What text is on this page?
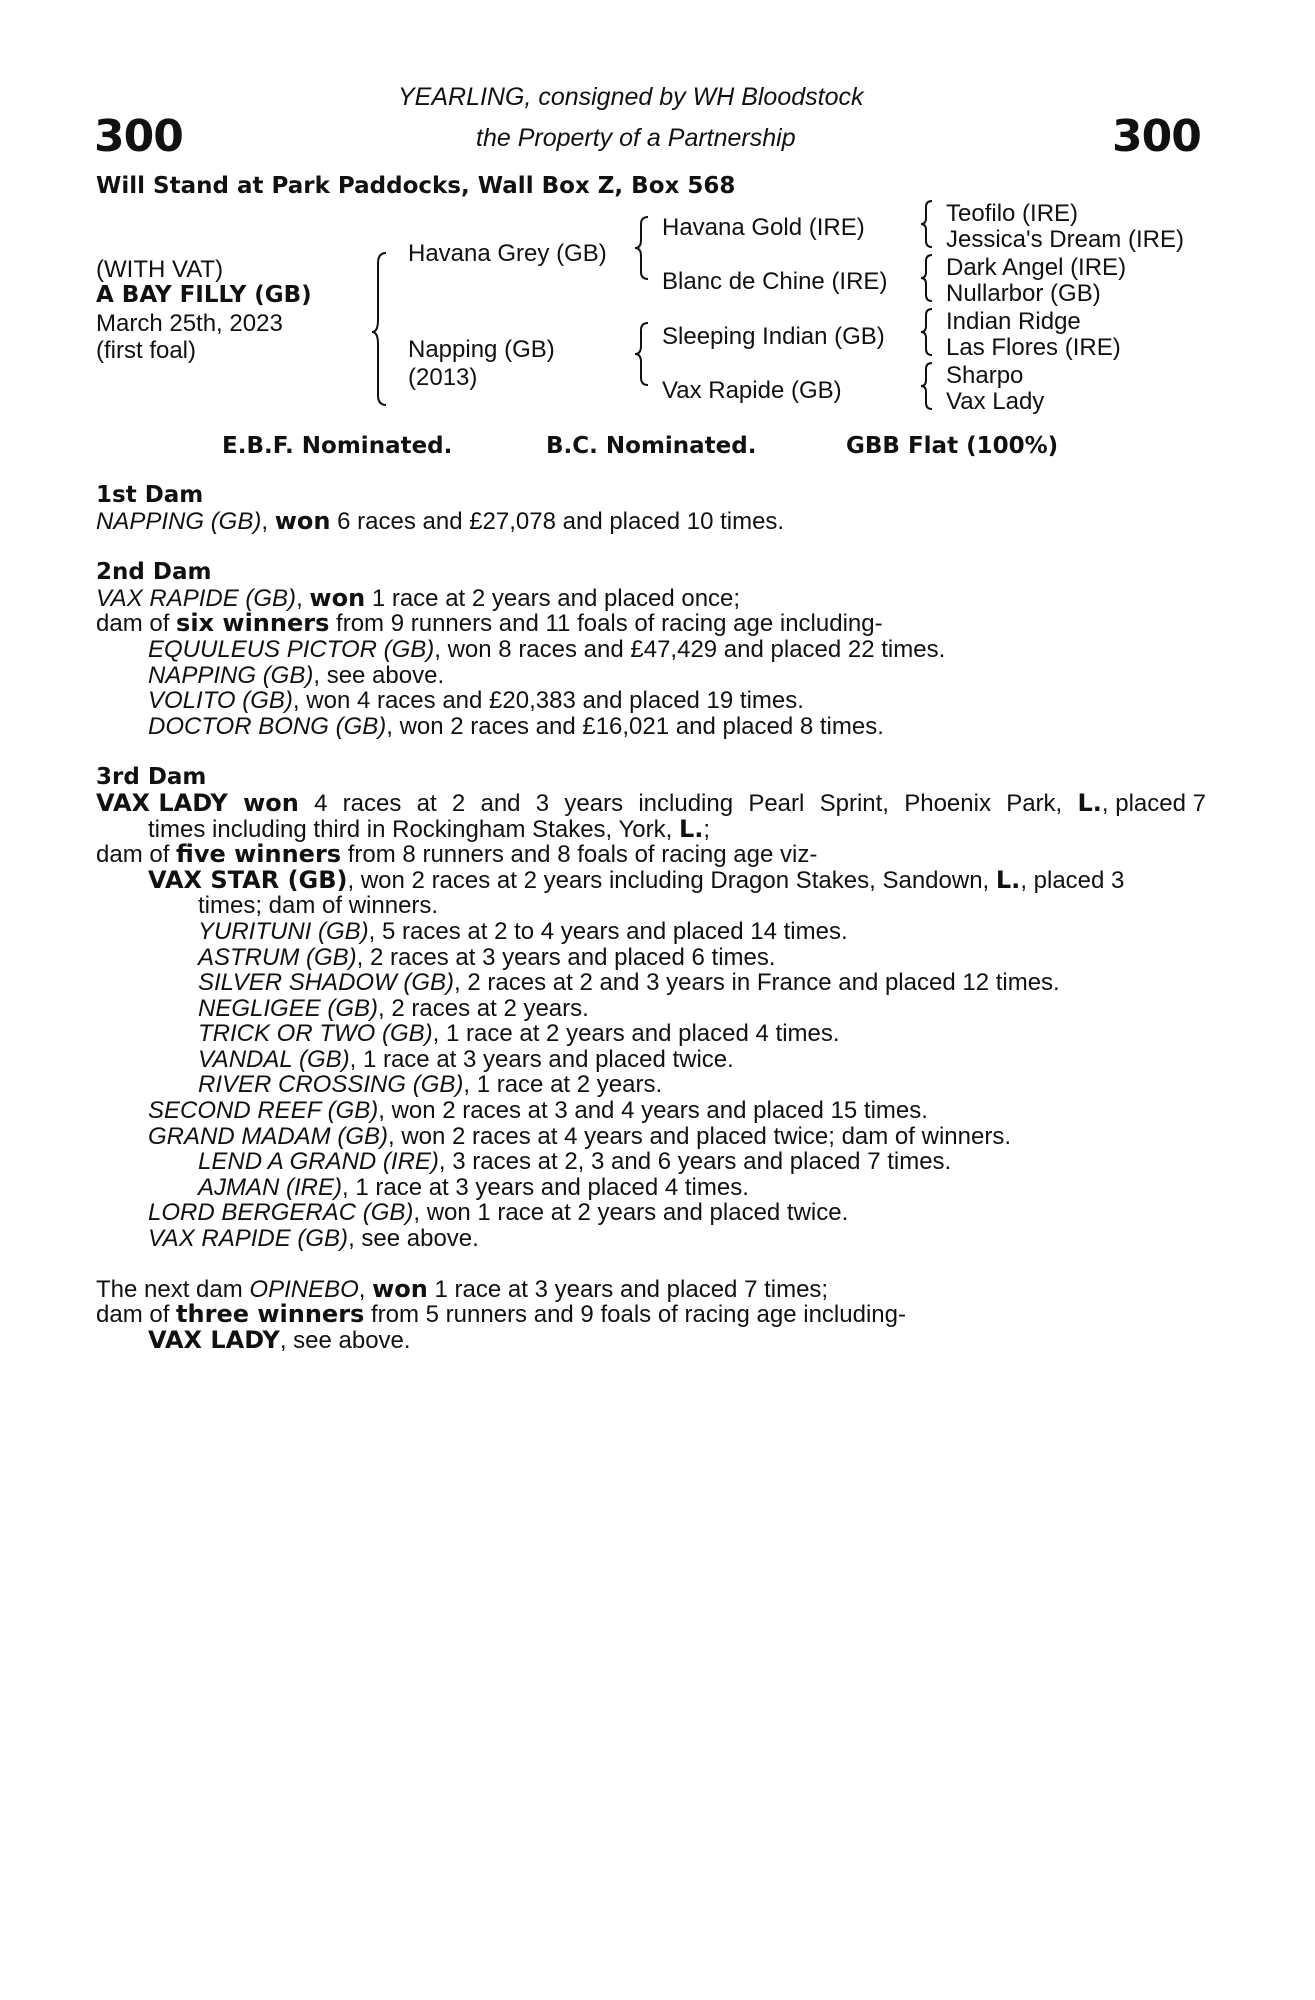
300	300
YEARLING, consigned by WH Bloodstock
the Property of a Partnership
Will Stand at Park Paddocks, Wall Box Z, Box 568
(WITH VAT)
A BAY FILLY (GB)
March 25th, 2023
(first foal)
Havana Grey (GB)
Napping (GB)
(2013)
Havana Gold (IRE)
Blanc de Chine (IRE)
Sleeping Indian (GB)
Vax Rapide (GB)
Teofilo (IRE)
Jessica's Dream (IRE)
Dark Angel (IRE)
Nullarbor (GB)
Indian Ridge
Las Flores (IRE)
Sharpo
Vax Lady
E.B.F. Nominated.	B.C. Nominated.	GBB Flat (100%)

1st Dam

NAPPING (GB), won 6 races and £27,078 and placed 10 times.

2nd Dam

VAX RAPIDE (GB), won 1 race at 2 years and placed once;

dam of six winners from 9 runners and 11 foals of racing age including-

EQUULEUS PICTOR (GB), won 8 races and £47,429 and placed 22 times.

NAPPING (GB), see above.

VOLITO (GB), won 4 races and £20,383 and placed 19 times.

DOCTOR BONG (GB), won 2 races and £16,021 and placed 8 times.

3rd Dam

VAX LADY won 4 races at 2 and 3 years including Pearl Sprint, Phoenix Park, L., placed 7

times including third in Rockingham Stakes, York, L.;

dam of five winners from 8 runners and 8 foals of racing age viz-

VAX STAR (GB), won 2 races at 2 years including Dragon Stakes, Sandown, L., placed 3

times; dam of winners.

YURITUNI (GB), 5 races at 2 to 4 years and placed 14 times.

ASTRUM (GB), 2 races at 3 years and placed 6 times.

SILVER SHADOW (GB), 2 races at 2 and 3 years in France and placed 12 times.

NEGLIGEE (GB), 2 races at 2 years.

TRICK OR TWO (GB), 1 race at 2 years and placed 4 times.

VANDAL (GB), 1 race at 3 years and placed twice.

RIVER CROSSING (GB), 1 race at 2 years.

SECOND REEF (GB), won 2 races at 3 and 4 years and placed 15 times.

GRAND MADAM (GB), won 2 races at 4 years and placed twice; dam of winners.

LEND A GRAND (IRE), 3 races at 2, 3 and 6 years and placed 7 times.

AJMAN (IRE), 1 race at 3 years and placed 4 times.

LORD BERGERAC (GB), won 1 race at 2 years and placed twice.

VAX RAPIDE (GB), see above.

The next dam OPINEBO, won 1 race at 3 years and placed 7 times;

dam of three winners from 5 runners and 9 foals of racing age including-

VAX LADY, see above.
